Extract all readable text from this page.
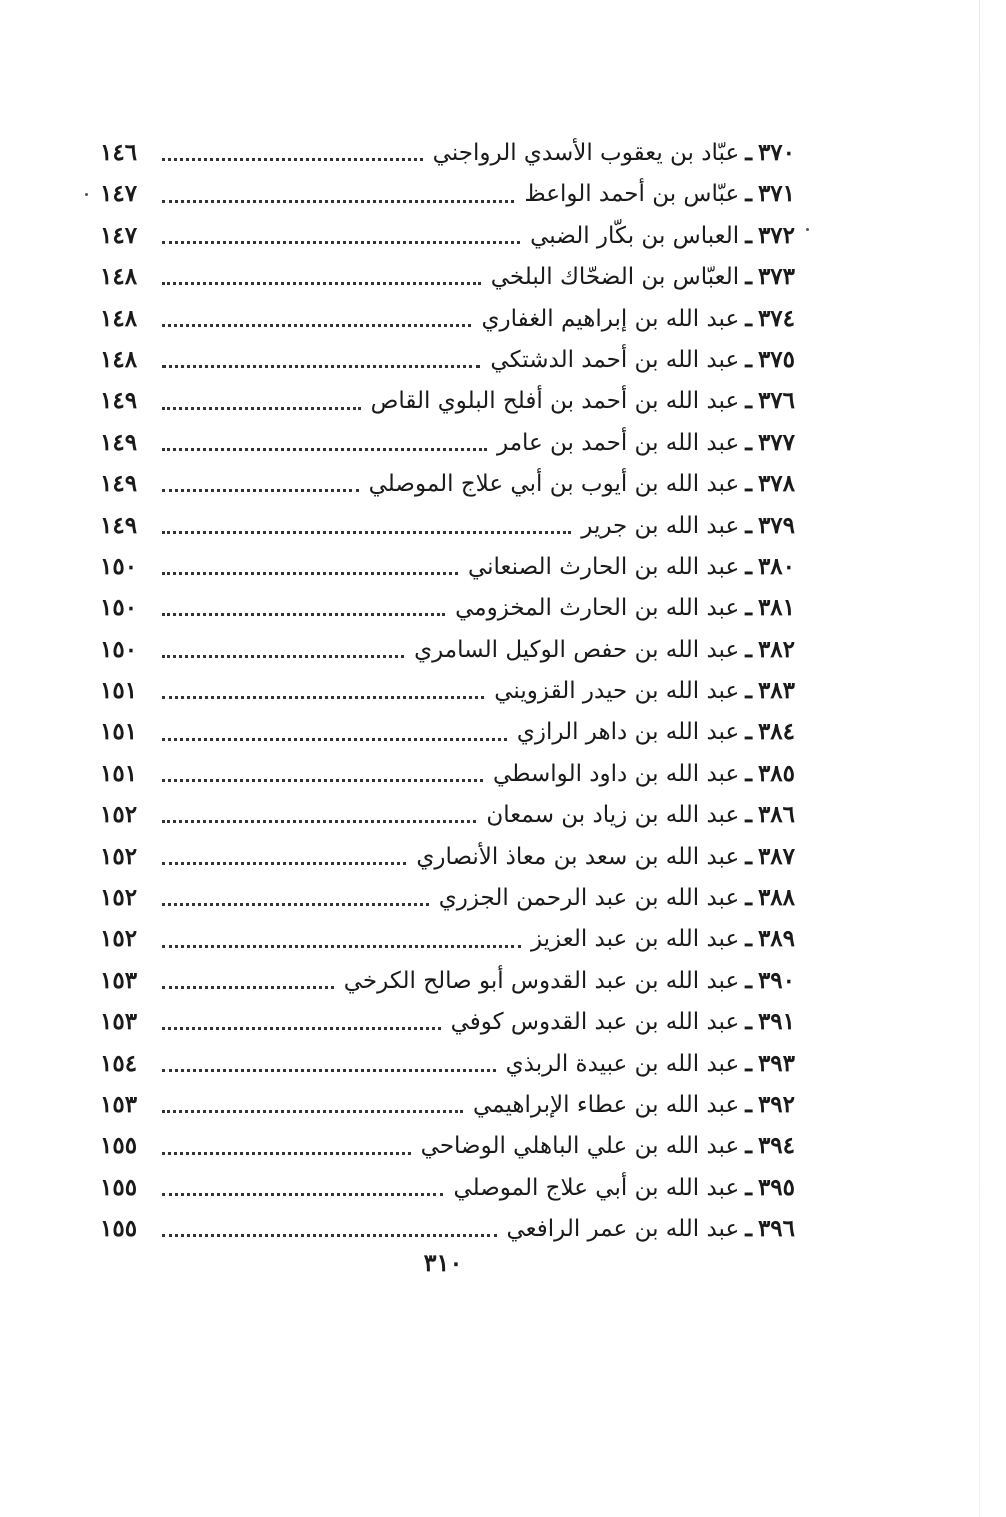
٣٧٠
ـ
عبّاد بن يعقوب الأسدي الرواجني
١٤٦
٣٧١
ـ
عبّاس بن أحمد الواعظ
١٤٧
٣٧٢
ـ
العباس بن بكّار الضبي
١٤٧
٣٧٣
ـ
العبّاس بن الضحّاك البلخي
١٤٨
٣٧٤
ـ
عبد الله بن إبراهيم الغفاري
١٤٨
٣٧٥
ـ
عبد الله بن أحمد الدشتكي
١٤٨
٣٧٦
ـ
عبد الله بن أحمد بن أفلح البلوي القاص
١٤٩
٣٧٧
ـ
عبد الله بن أحمد بن عامر
١٤٩
٣٧٨
ـ
عبد الله بن أيوب بن أبي علاج الموصلي
١٤٩
٣٧٩
ـ
عبد الله بن جرير
١٤٩
٣٨٠
ـ
عبد الله بن الحارث الصنعاني
١٥٠
٣٨١
ـ
عبد الله بن الحارث المخزومي
١٥٠
٣٨٢
ـ
عبد الله بن حفص الوكيل السامري
١٥٠
٣٨٣
ـ
عبد الله بن حيدر القزويني
١٥١
٣٨٤
ـ
عبد الله بن داهر الرازي
١٥١
٣٨٥
ـ
عبد الله بن داود الواسطي
١٥١
٣٨٦
ـ
عبد الله بن زياد بن سمعان
١٥٢
٣٨٧
ـ
عبد الله بن سعد بن معاذ الأنصاري
١٥٢
٣٨٨
ـ
عبد الله بن عبد الرحمن الجزري
١٥٢
٣٨٩
ـ
عبد الله بن عبد العزيز
١٥٢
٣٩٠
ـ
عبد الله بن عبد القدوس أبو صالح الكرخي
١٥٣
٣٩١
ـ
عبد الله بن عبد القدوس كوفي
١٥٣
٣٩٣
ـ
عبد الله بن عبيدة الربذي
١٥٤
٣٩٢
ـ
عبد الله بن عطاء الإبراهيمي
١٥٣
٣٩٤
ـ
عبد الله بن علي الباهلي الوضاحي
١٥٥
٣٩٥
ـ
عبد الله بن أبي علاج الموصلي
١٥٥
٣٩٦
ـ
عبد الله بن عمر الرافعي
١٥٥
٣١٠
